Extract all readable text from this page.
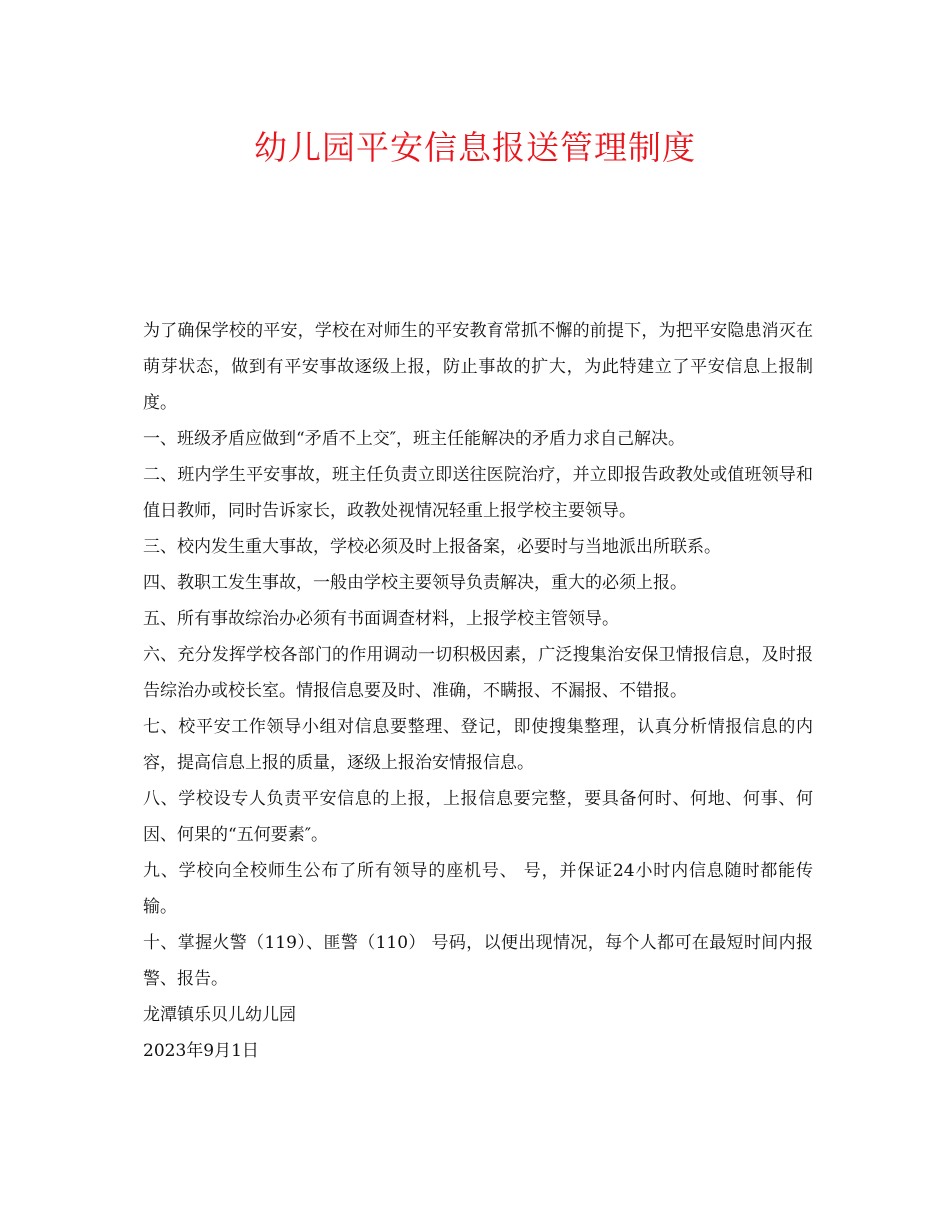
幼儿园平安信息报送管理制度

为了确保学校的平安，学校在对师生的平安教育常抓不懈的前提下，为把平安隐患消灭在萌芽状态，做到有平安事故逐级上报，防止事故的扩大，为此特建立了平安信息上报制度。

一、班级矛盾应做到“矛盾不上交″，班主任能解决的矛盾力求自己解决。

二、班内学生平安事故，班主任负责立即送往医院治疗，并立即报告政教处或值班领导和值日教师，同时告诉家长，政教处视情况轻重上报学校主要领导。

三、校内发生重大事故，学校必须及时上报备案，必要时与当地派出所联系。

四、教职工发生事故，一般由学校主要领导负责解决，重大的必须上报。

五、所有事故综治办必须有书面调查材料，上报学校主管领导。

六、充分发挥学校各部门的作用调动一切积极因素，广泛搜集治安保卫情报信息，及时报告综治办或校长室。情报信息要及时、准确，不瞒报、不漏报、不错报。

七、校平安工作领导小组对信息要整理、登记，即使搜集整理，认真分析情报信息的内容，提高信息上报的质量，逐级上报治安情报信息。

八、学校设专人负责平安信息的上报，上报信息要完整，要具备何时、何地、何事、何因、何果的“五何要素″。

九、学校向全校师生公布了所有领导的座机号、 号，并保证24小时内信息随时都能传输。

十、掌握火警（119）、匪警（110） 号码，以便出现情况，每个人都可在最短时间内报警、报告。

龙潭镇乐贝儿幼儿园

2023年9月1日
